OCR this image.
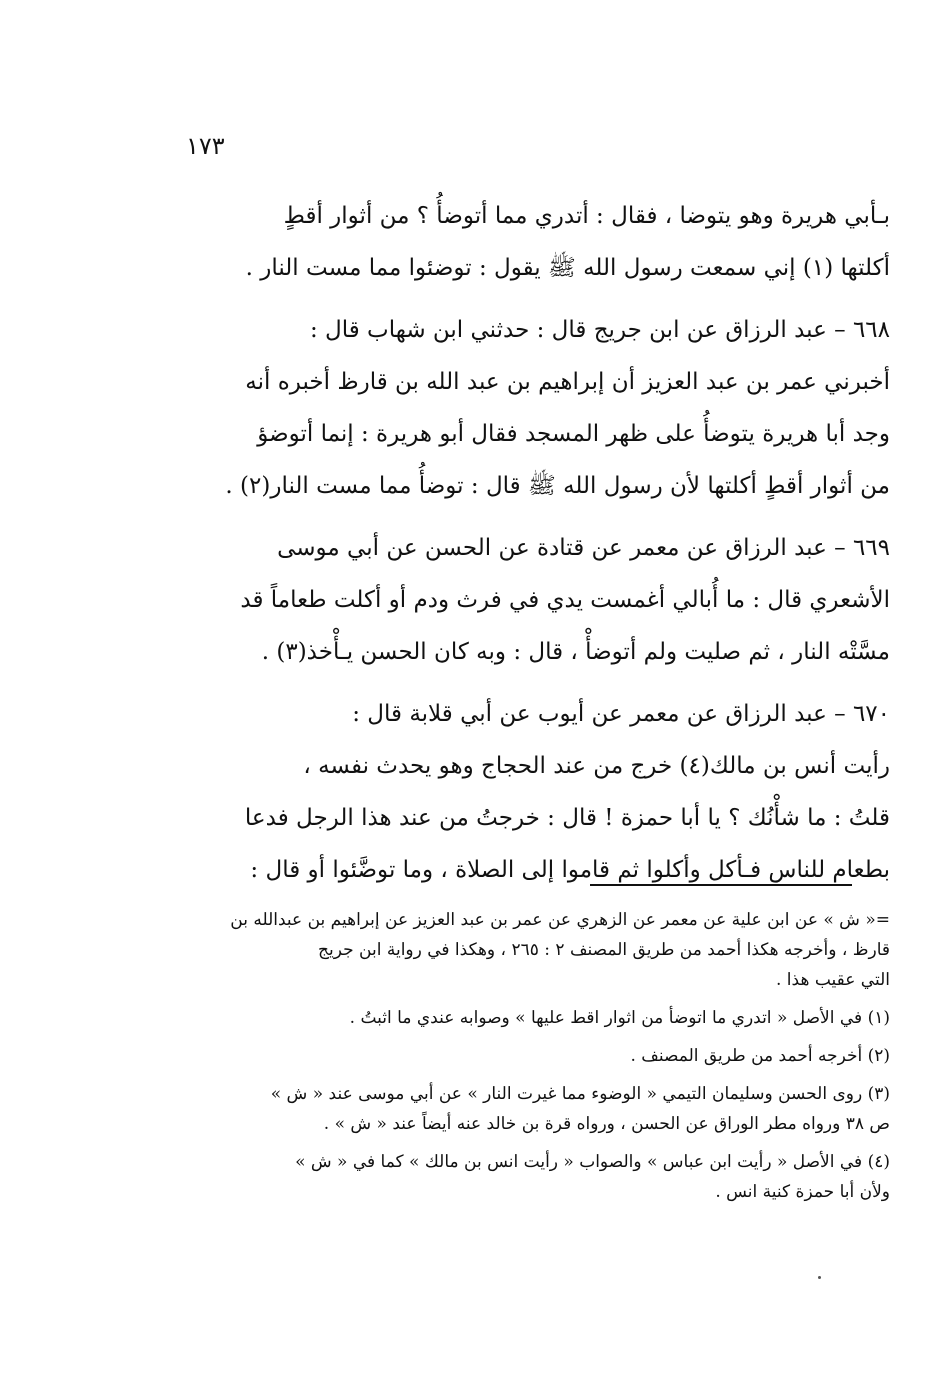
١٧٣
بـأبي هريرة وهو يتوضا ، فقال : أتدري مما أتوضأُ ؟ من أثوار أقطٍ
أكلتها (١) إني سمعت رسول الله ﷺ يقول : توضئوا مما مست النار .
٦٦٨ – عبد الرزاق عن ابن جريج قال : حدثني ابن شهاب قال :
أخبرني عمر بن عبد العزيز أن إبراهيم بن عبد الله بن قارظ أخبره أنه
وجد أبا هريرة يتوضأُ على ظهر المسجد فقال أبو هريرة : إنما أتوضؤ
من أثوار أقطٍ أكلتها لأن رسول الله ﷺ قال : توضأُ مما مست النار(٢) .
٦٦٩ – عبد الرزاق عن معمر عن قتادة عن الحسن عن أبي موسى
الأشعري قال : ما أُبالي أغمست يدي في فرث ودم أو أكلت طعاماً قد
مسَّتْه النار ، ثم صليت ولم أتوضأْ ، قال : وبه كان الحسن يـأْخذ(٣) .
٦٧٠ – عبد الرزاق عن معمر عن أيوب عن أبي قلابة قال :
رأيت أنس بن مالك(٤) خرج من عند الحجاج وهو يحدث نفسه ،
قلتُ : ما شأْنُك ؟ يا أبا حمزة ! قال : خرجتُ من عند هذا الرجل فدعا
بطعام للناس فـأكل وأكلوا ثم قاموا إلى الصلاة ، وما توضَّئوا أو قال :
=« ش » عن ابن علية عن معمر عن الزهري عن عمر بن عبد العزيز عن إبراهيم بن عبدالله بن
قارظ ، وأخرجه هكذا أحمد من طريق المصنف ٢ : ٢٦٥ ، وهكذا في رواية ابن جريج
التي عقيب هذا .
(١) في الأصل « اتدري ما اتوضأ من اثوار اقط عليها » وصوابه عندي ما اثبتُ .
(٢) أخرجه أحمد من طريق المصنف .
(٣) روى الحسن وسليمان التيمي « الوضوء مما غيرت النار » عن أبي موسى عند « ش »
ص ٣٨ ورواه مطر الوراق عن الحسن ، ورواه قرة بن خالد عنه أيضاً عند « ش » .
(٤) في الأصل « رأيت ابن عباس » والصواب « رأيت انس بن مالك » كما في « ش »
ولأن أبا حمزة كنية انس .
